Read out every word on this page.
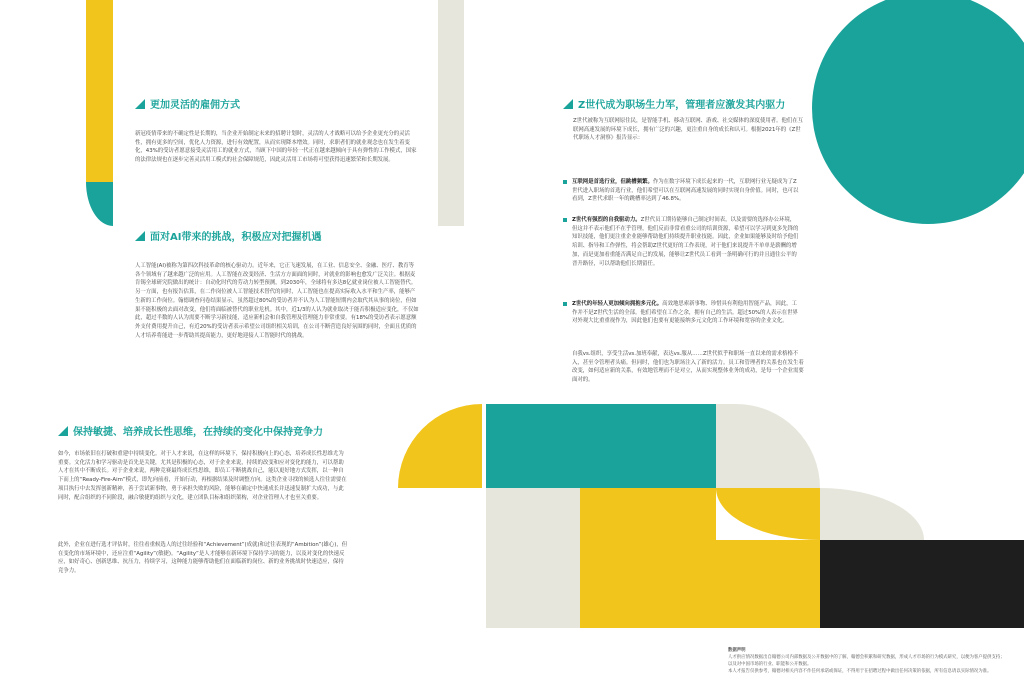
更加灵活的雇佣方式

新冠疫情带来的不确定性是长期的，当企业开始制定未来的招聘计划时，灵活的人才战略可以给予企业更充分的灵活性，拥有更多的空间，优化人力资源，进行有效配置，从而实现降本增效。同时，求职者们的就业观念也在发生着变化，43%的受访者愿意接受灵活用工的就业方式，当顾下中国的年轻一代正在越来越倾向于具有弹性的工作模式，国家的法律法规也在逐步完善灵活用工模式的社会保障规范，因此灵活用工市场将可望获得迅速繁荣和长期发展。

面对AI带来的挑战，积极应对把握机遇

人工智能(AI)被称为第四次科技革命的核心驱动力。近年来，它正飞速发展，在工业、信息安全、金融、医疗、教育等各个领域有了越来越广泛的应用。人工智能在改变经济、生活方方面面的同时，对就业的影响也愈发广泛关注。根据麦肯锡全球研究院做出的统计：自动化时代的劳动力转型预测，到2030年，全球将有多达8亿就业岗位被人工智能替代。另一方面，也有报告估算，在二作岗位被人工智能技术替代的同时，人工智能也在提高实际收入水平和生产率，能够产生新的工作岗位。翰德调查问卷结果显示，虽然超过80%的受访者并不认为人工智能短期内会取代其从事的岗位，但如果不能积极的去面对改变，他们将面临被替代的职业危机。其中，近1/3的人认为就业取决于能否积极适应变化，不仅如此，超过半数的人认为需要不断学习新技能，适应新机会和自我管理及管理能力非常重要。有18%的受访者表示愿意额外支付费用提升自己，有近20%的受访者表示希望公司组织相关培训，在公司不断营造良好氛围的同时，全面且优质的人才培养将能进一步帮助其提高能力，更好地迎接人工智能时代的挑战。

保持敏捷、培养成长性思维，在持续的变化中保持竞争力

如今，市场依旧在打破和重建中持续变化。对于人才来说，在这样的环境下，保持积极向上的心态，培养成长性思维尤为重要。文化活力和学习驱动是首先是关键，尤其是积极的心态，对于企业来说，持续的改变和应对变化的能力，可以帮助人才在其中不断成长。对于企业来说，两种竞赛最终成长性思维，即员工不断挑战自己，能以更好地方式发挥，以一种自下而上的“Ready-Fire-Aim”模式，即先向前看，开始行动，再根据结果及时调整方向。这类企业寻找的候选人往往需要在项目执行中去发挥创新精神，善于尝试新事物，勇于承担失败的风险，能够在确定中快速成长并迅速复制扩大成功，与此同时，配合组织的不同阶段，融合敏捷的组织与文化，建立团队目标和组织架构，对企业管理人才也至关重要。

此外，企业在进行选才评估时，往往看重候选人的过往经验和“Achievement”(成就)和过往表现的“Ambition”(雄心)，但在变化的市场环境中，还应注重“Agility”(敏捷)。“Agility”是人才能够在新环境下保持学习的能力，以及对变化的快速反应，如好奇心、创新思维、抗压力，持续学习，这种能力能够帮助他们在面临新的岗位、新的业务挑战时快速适应，保持竞争力。

Z世代成为职场生力军，管理者应激发其内驱力

Z世代被称为互联网原住民，是智能手机、移动互联网、游戏、社交媒体的深度使用者。他们在互联网高速发展的环境下成长，拥有广泛的兴趣，更注重自身的成长和认可。根据2021年的《Z世代职场人才洞察》报告显示：

互联网是首选行业，但跳槽频繁。作为在数字环境下成长起来的一代，互联网行业无疑成为了Z世代进入职场的首选行业，他们希望可以在互联网高速发展的同时实现自身价值。同时，也可以看到，Z世代求职一年的跳槽率达到了46.8%。
Z世代有强烈的自我驱动力。Z世代员工期待能够自己制定时间表，以及需要的选择办公环境，但这并不表示他们不在乎管理，他们反而非常看重公司的培训资源，希望可以学习到更多先锋的知识技能，他们更注重企业能够帮助他们持续提升职业技能。因此，企业如果能够及时给予他们培训、指导和工作弹性，将会帮助Z世代更好的工作表现，对于他们来说提升不单单是薪酬的增加，而是更加看重能否满足自己的发展，能够让Z世代员工看到一条明确可行的并且通往公平的晋升路径，可以帮助他们长期留任。
Z世代的年轻人更加倾向拥抱多元化。高效地思索新事物、珍惜具有利他用智能产品，因此，工作并不是Z世代生活的全部。他们希望在工作之余，拥有自己的生活。超过50%的人表示在世界对外观大比重重视作为，因此他们也要有更能接纳多元文化的工作环境和宽容的企业文化。

自我vs.组织，享受生活vs.加班奉献，表达vs.服从……Z世代似乎和职场一直以来的需求格格不入，甚至令管理者头痛。但同时，他们也为职场注入了新的活力。员工和管理者的关系也在发生着改变，如何适应新的关系，有效地管理而不是对立，从而实现整体业务的成功，是每一个企业需要面对的。

数据声明
人才供应情况数据出自翰德公司内部数据及公开数据中的了解，翰德会积累和研究数据，形成人才市场的行为模式研究，以便为客户提供支持；以及对中国市场的行业、职能和公开数据。
本人才报告仅供参考，翰德对相关内容不作任何承诺或保证，不得用于在招聘过程中做出任何决策的依据，所有信息请以实际情况为准。
